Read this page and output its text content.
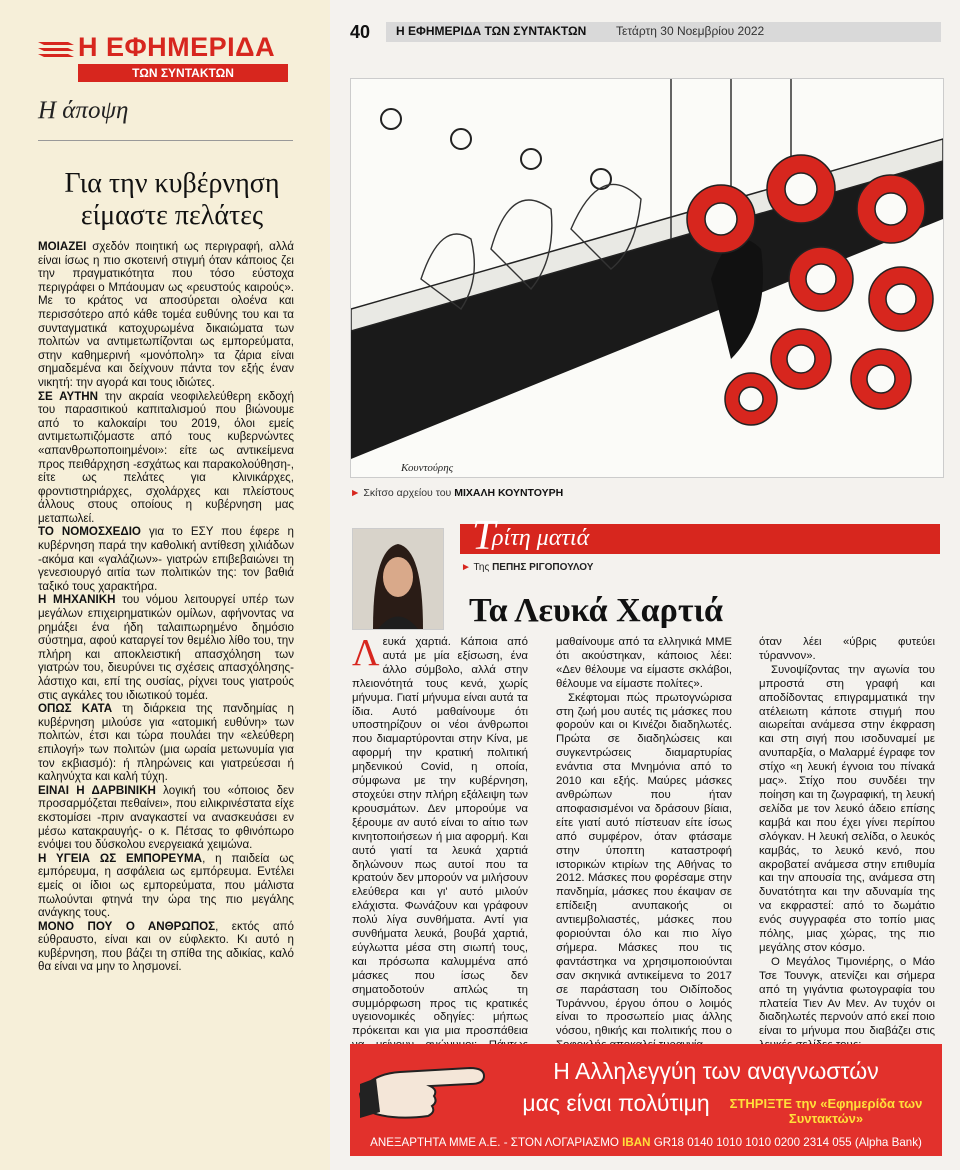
Η ΕΦΗΜΕΡΙΔΑ
ΤΩΝ ΣΥΝΤΑΚΤΩΝ
Η άποψη
Για την κυβέρνηση είμαστε πελάτες

ΜΟΙΑΖΕΙ σχεδόν ποιητική ως περιγραφή, αλλά είναι ίσως η πιο σκοτεινή στιγμή όταν κάποιος ζει την πραγματικότητα που τόσο εύστοχα περιγράφει ο Μπάουμαν ως «ρευστούς καιρούς». Με το κράτος να αποσύρεται ολοένα και περισσότερο από κάθε τομέα ευθύνης του και τα συνταγματικά κατοχυρωμένα δικαιώματα των πολιτών να αντιμετωπίζονται ως εμπορεύματα, στην καθημερινή «μονόπολη» τα ζάρια είναι σημαδεμένα και δείχνουν πάντα τον εξής έναν νικητή: την αγορά και τους ιδιώτες.

ΣΕ ΑΥΤΗΝ την ακραία νεοφιλελεύθερη εκδοχή του παρασιτικού καπιταλισμού που βιώνουμε από το καλοκαίρι του 2019, όλοι εμείς αντιμετωπιζόμαστε από τους κυβερνώντες «απανθρωποποιημένοι»: είτε ως αντικείμενα προς πειθάρχηση -εσχάτως και παρακολούθηση-, είτε ως πελάτες για κλινικάρχες, φροντιστηριάρχες, σχολάρχες και πλείστους άλλους στους οποίους η κυβέρνηση μας μεταπωλεί.

ΤΟ ΝΟΜΟΣΧΕΔΙΟ για το ΕΣΥ που έφερε η κυβέρνηση παρά την καθολική αντίθεση χιλιάδων -ακόμα και «γαλάζιων»- γιατρών επιβεβαιώνει τη γενεσιουργό αιτία των πολιτικών της: τον βαθιά ταξικό τους χαρακτήρα.

Η ΜΗΧΑΝΙΚΗ του νόμου λειτουργεί υπέρ των μεγάλων επιχειρηματικών ομίλων, αφήνοντας να ρημάξει ένα ήδη ταλαιπωρημένο δημόσιο σύστημα, αφού καταργεί τον θεμέλιο λίθο του, την πλήρη και αποκλειστική απασχόληση των γιατρών του, διευρύνει τις σχέσεις απασχόλησης-λάστιχο και, επί της ουσίας, ρίχνει τους γιατρούς στις αγκάλες του ιδιωτικού τομέα.

ΟΠΩΣ ΚΑΤΑ τη διάρκεια της πανδημίας η κυβέρνηση μιλούσε για «ατομική ευθύνη» των πολιτών, έτσι και τώρα πουλάει την «ελεύθερη επιλογή» των πολιτών (μια ωραία μετωνυμία για τον εκβιασμό): ή πληρώνεις και γιατρεύεσαι ή καληνύχτα και καλή τύχη.

ΕΙΝΑΙ Η ΔΑΡΒΙΝΙΚΗ λογική του «όποιος δεν προσαρμόζεται πεθαίνει», που ειλικρινέστατα είχε εκστομίσει -πριν αναγκαστεί να ανασκευάσει εν μέσω κατακραυγής- ο κ. Πέτσας το φθινόπωρο ενόψει του δύσκολου ενεργειακά χειμώνα.

Η ΥΓΕΙΑ ΩΣ ΕΜΠΟΡΕΥΜΑ, η παιδεία ως εμπόρευμα, η ασφάλεια ως εμπόρευμα. Εντέλει εμείς οι ίδιοι ως εμπορεύματα, που μάλιστα πωλούνται φτηνά την ώρα της πιο μεγάλης ανάγκης τους.

ΜΟΝΟ ΠΟΥ Ο ΑΝΘΡΩΠΟΣ, εκτός από εύθραυστο, είναι και ον εύφλεκτο. Κι αυτό η κυβέρνηση, που βάζει τη σπίθα της αδικίας, καλό θα είναι να μην το λησμονεί.

40 Η ΕΦΗΜΕΡΙΔΑ ΤΩΝ ΣΥΝΤΑΚΤΩΝ Τετάρτη 30 Νοεμβρίου 2022
Κουντούρης
► Σκίτσο αρχείου του ΜΙΧΑΛΗ ΚΟΥΝΤΟΥΡΗ
Τ
ρίτη ματιά
► Της ΠΕΠΗΣ ΡΙΓΟΠΟΥΛΟΥ
Τα Λευκά Χαρτιά

Λευκά χαρτιά. Κάποια από αυτά με μία εξίσωση, ένα άλλο σύμβολο, αλλά στην πλειονότητά τους κενά, χωρίς μήνυμα. Γιατί μήνυμα είναι αυτά τα ίδια. Αυτό μαθαίνουμε ότι υποστηρίζουν οι νέοι άνθρωποι που διαμαρτύρονται στην Κίνα, με αφορμή την κρατική πολιτική μηδενικού Covid, η οποία, σύμφωνα με την κυβέρνηση, στοχεύει στην πλήρη εξάλειψη των κρουσμάτων. Δεν μπορούμε να ξέρουμε αν αυτό είναι το αίτιο των κινητοποιήσεων ή μια αφορμή. Και αυτό γιατί τα λευκά χαρτιά δηλώνουν πως αυτοί που τα κρατούν δεν μπορούν να μιλήσουν ελεύθερα και γι' αυτό μιλούν ελάχιστα. Φωνάζουν και γράφουν πολύ λίγα συνθήματα. Αντί για συνθήματα λευκά, βουβά χαρτιά, εύγλωττα μέσα στη σιωπή τους, και πρόσωπα καλυμμένα από μάσκες που ίσως δεν σηματοδοτούν απλώς τη συμμόρφωση προς τις κρατικές υγειονομικές οδηγίες: μήπως πρόκειται και για μια προσπάθεια

μαθαίνουμε από τα ελληνικά ΜΜΕ ότι ακούστηκαν, κάποιος λέει: «Δεν θέλουμε να είμαστε σκλάβοι, θέλουμε να είμαστε πολίτες».

Σκέφτομαι πώς πρωτογνώρισα στη ζωή μου αυτές τις μάσκες που φορούν και οι Κινέζοι διαδηλωτές. Πρώτα σε διαδηλώσεις και συγκεντρώσεις διαμαρτυρίας ενάντια στα Μνημόνια από το 2010 και εξής. Μαύρες μάσκες ανθρώπων που ήταν αποφασισμένοι να δράσουν βίαια, είτε γιατί αυτό πίστευαν είτε ίσως από συμφέρον, όταν φτάσαμε στην ύποπτη καταστροφή ιστορικών κτιρίων της Αθήνας το 2012. Μάσκες που φορέσαμε στην πανδημία, μάσκες που έκαψαν σε επίδειξη ανυπακοής οι αντιεμβολιαστές, μάσκες που φοριούνται όλο και πιο λίγο σήμερα. Μάσκες που τις φαντάστηκα να χρησιμοποιούνται σαν σκηνικά αντικείμενα το 2017 σε παράσταση του Οιδίποδος Τυράννου, έργου όπου ο λοιμός είναι το προσωπείο μιας άλλης νόσου, ηθικής και πολιτικής που ο

όταν λέει «ύβρις φυτεύει τύραννον».

Συνοψίζοντας την αγωνία του μπροστά στη γραφή και αποδίδοντας επιγραμματικά την ατέλειωτη κάποτε στιγμή που αιωρείται ανάμεσα στην έκφραση και στη σιγή που ισοδυναμεί με ανυπαρξία, ο Μαλαρμέ έγραφε τον στίχο «η λευκή έγνοια του πίνακά μας». Στίχο που συνδέει την ποίηση και τη ζωγραφική, τη λευκή σελίδα με τον λευκό άδειο επίσης καμβά και που έχει γίνει περίπου σλόγκαν. Η λευκή σελίδα, ο λευκός καμβάς, το λευκό κενό, που ακροβατεί ανάμεσα στην επιθυμία και την απουσία της, ανάμεσα στη δυνατότητα και την αδυναμία της να εκφραστεί: από το δωμάτιο ενός συγγραφέα στο τοπίο μιας πόλης, μιας χώρας, της πιο μεγάλης στον κόσμο.

Ο Μεγάλος Τιμονιέρης, ο Μάο Τσε Τουνγκ, ατενίζει και σήμερα από τη γιγάντια φωτογραφία του πλατεία Τιεν Αν Μεν. Αν τυχόν οι διαδηλωτές περνούν από εκεί ποιο είναι το μήνυμα που διαβάζει στις

Η Αλληλεγγύη των αναγνωστών
μας είναι πολύτιμη	ΣΤΗΡΙΞΤΕ την «Εφημερίδα των Συντακτών»
ΑΝΕΞΑΡΤΗΤΑ ΜΜΕ Α.Ε. - ΣΤΟΝ ΛΟΓΑΡΙΑΣΜΟ IBAN GR18 0140 1010 1010 0200 2314 055 (Alpha Bank)
